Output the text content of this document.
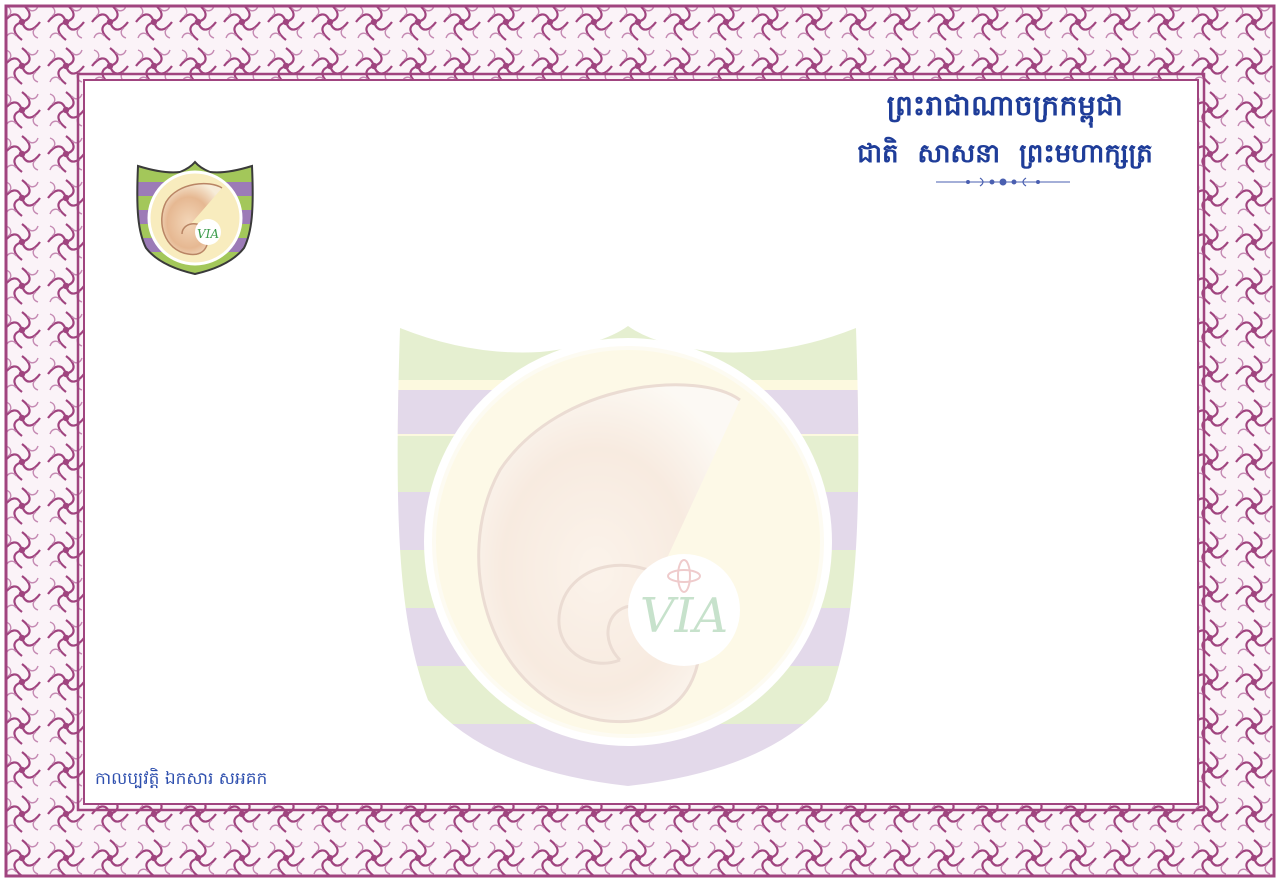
VIA
VIA
ព្រះរាជាណាចក្រកម្ពុជា
ជាតិ សាសនា ព្រះមហាក្សត្រ
កាលប្បវត្តិ ឯកសារ សអគក
